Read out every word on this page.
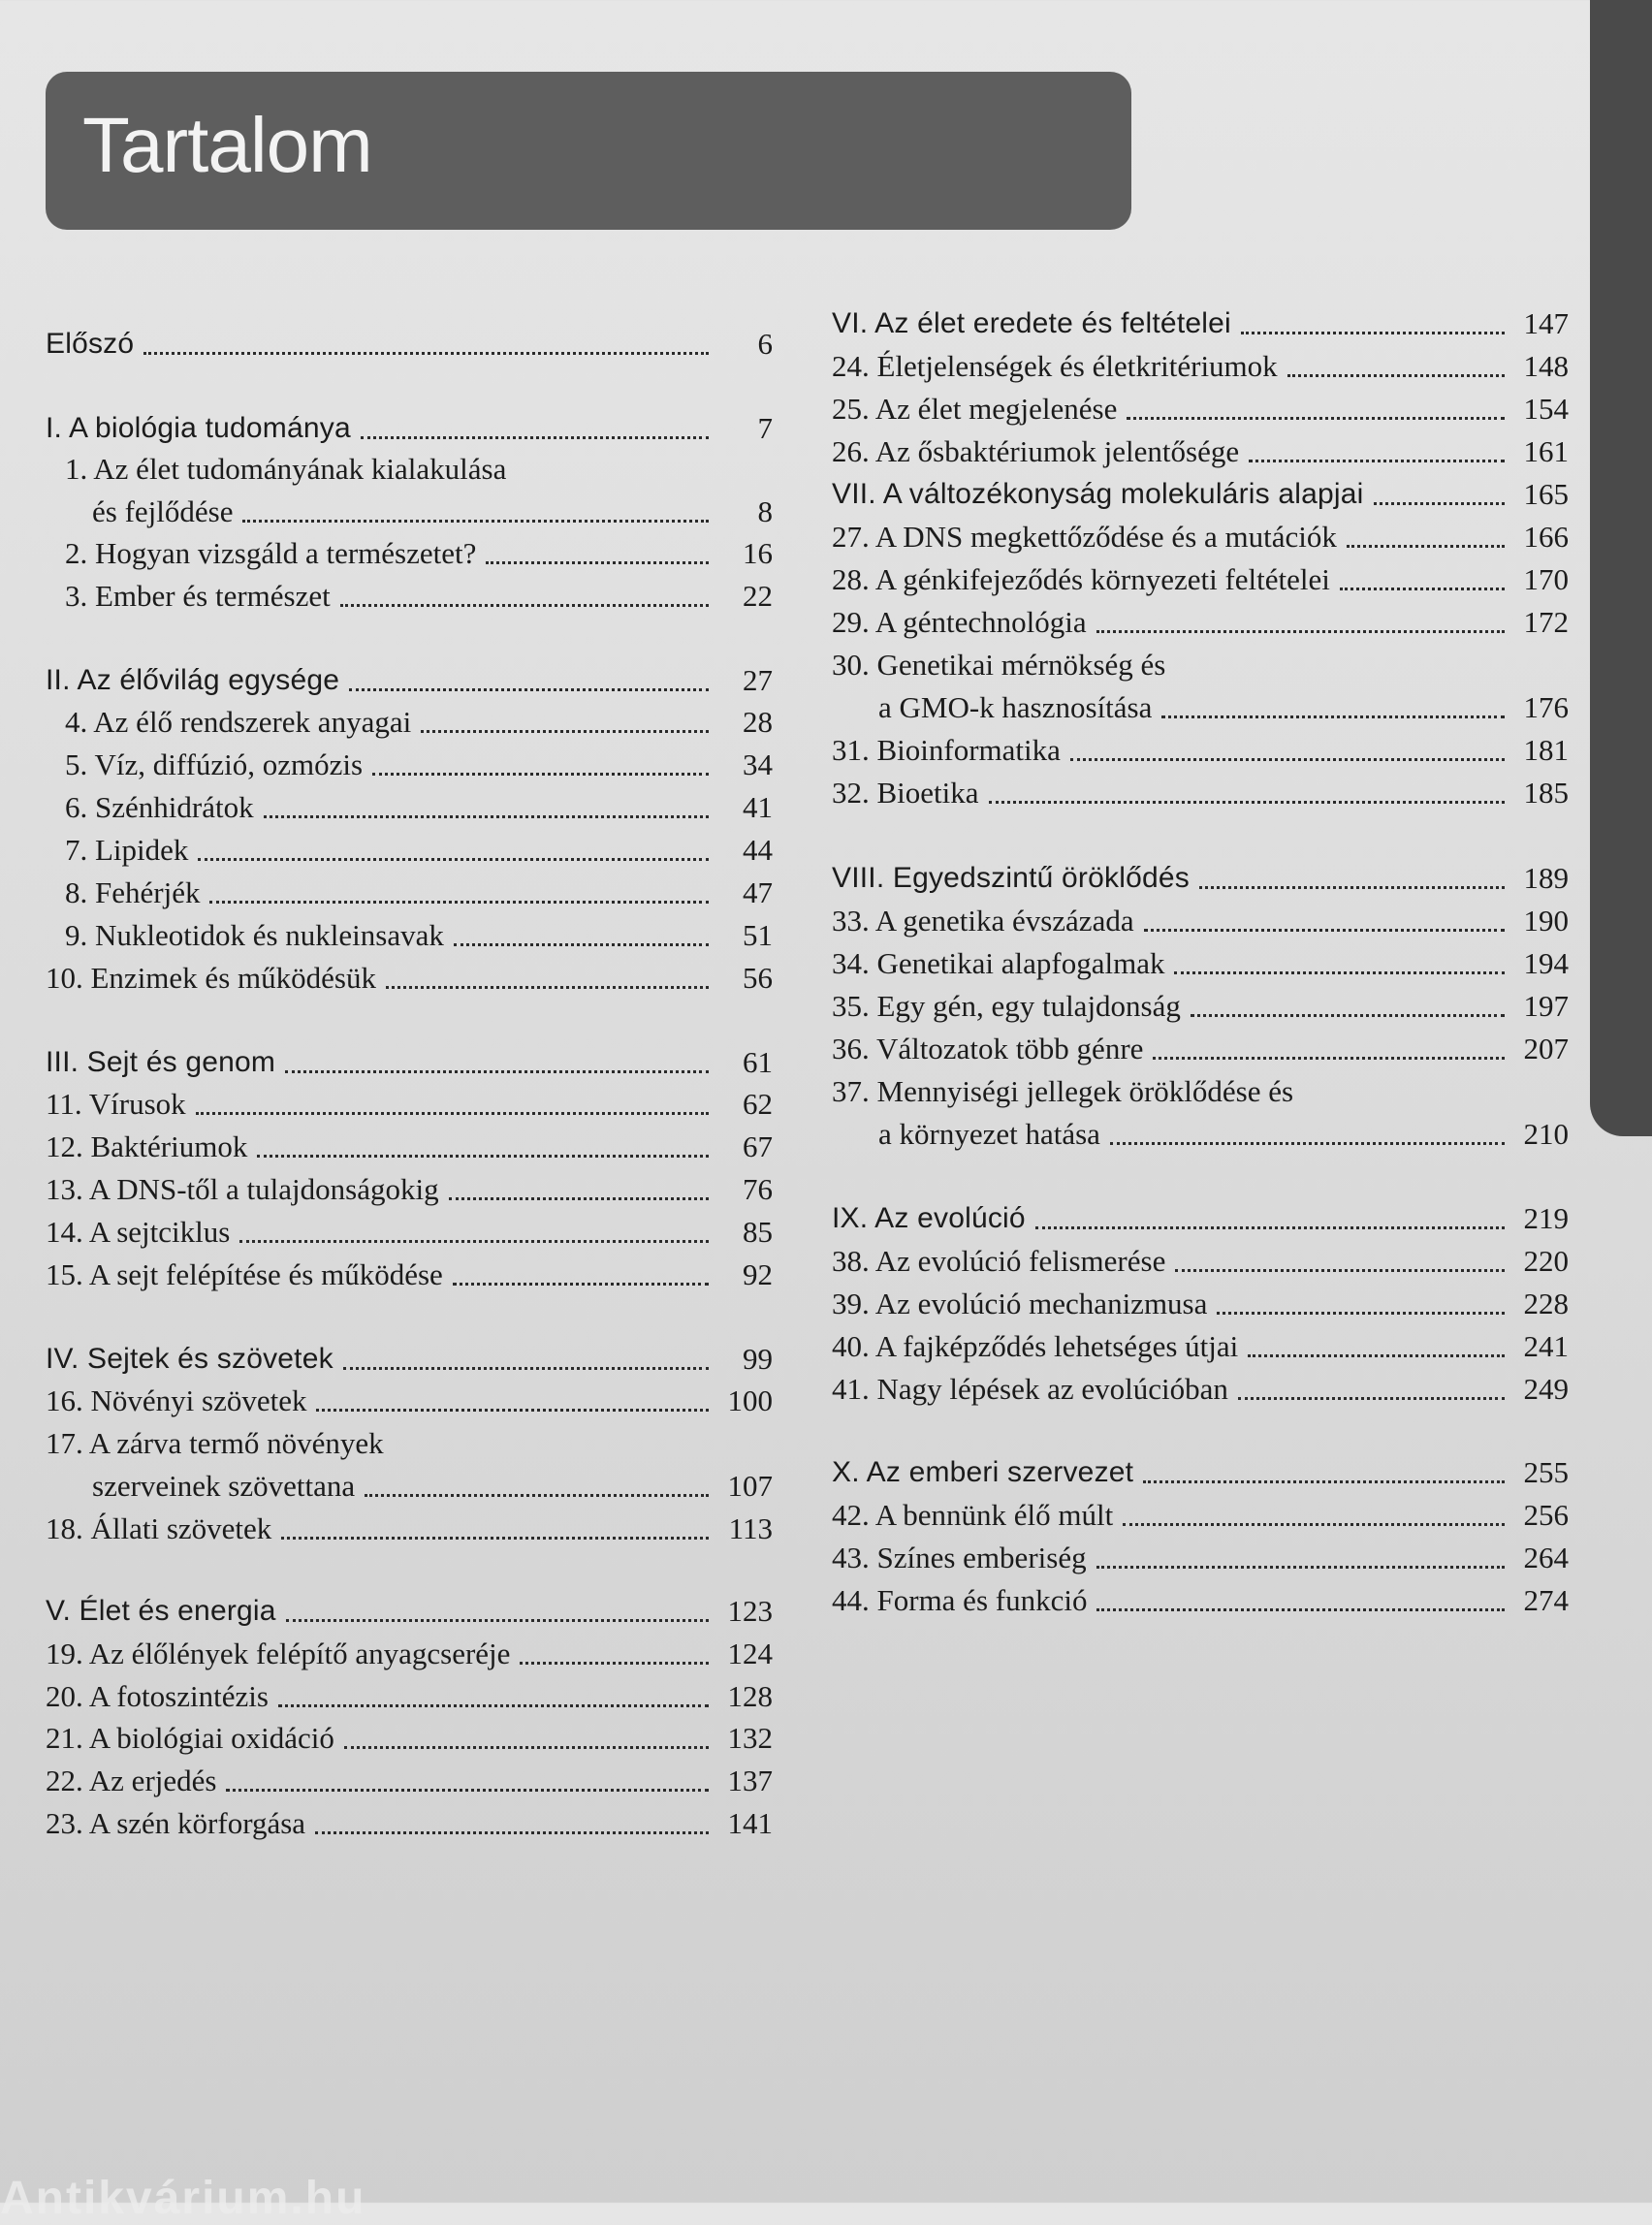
Tartalom
Előszó	6
I. A biológia tudománya	7
1. Az élet tudományának kialakulása
és fejlődése	8
2. Hogyan vizsgáld a természetet?	16
3. Ember és természet	22
II. Az élővilág egysége	27
4. Az élő rendszerek anyagai	28
5. Víz, diffúzió, ozmózis	34
6. Szénhidrátok	41
7. Lipidek	44
8. Fehérjék	47
9. Nukleotidok és nukleinsavak	51
10. Enzimek és működésük	56
III. Sejt és genom	61
11. Vírusok	62
12. Baktériumok	67
13. A DNS-től a tulajdonságokig	76
14. A sejtciklus	85
15. A sejt felépítése és működése	92
IV. Sejtek és szövetek	99
16. Növényi szövetek	100
17. A zárva termő növények
szerveinek szövettana	107
18. Állati szövetek	113
V. Élet és energia	123
19. Az élőlények felépítő anyagcseréje	124
20. A fotoszintézis	128
21. A biológiai oxidáció	132
22. Az erjedés	137
23. A szén körforgása	141
VI. Az élet eredete és feltételei	147
24. Életjelenségek és életkritériumok	148
25. Az élet megjelenése	154
26. Az ősbaktériumok jelentősége	161
VII. A változékonyság molekuláris alapjai	165
27. A DNS megkettőződése és a mutációk	166
28. A génkifejeződés környezeti feltételei	170
29. A géntechnológia	172
30. Genetikai mérnökség és
a GMO-k hasznosítása	176
31. Bioinformatika	181
32. Bioetika	185
VIII. Egyedszintű öröklődés	189
33. A genetika évszázada	190
34. Genetikai alapfogalmak	194
35. Egy gén, egy tulajdonság	197
36. Változatok több génre	207
37. Mennyiségi jellegek öröklődése és
a környezet hatása	210
IX. Az evolúció	219
38. Az evolúció felismerése	220
39. Az evolúció mechanizmusa	228
40. A fajképződés lehetséges útjai	241
41. Nagy lépések az evolúcióban	249
X. Az emberi szervezet	255
42. A bennünk élő múlt	256
43. Színes emberiség	264
44. Forma és funkció	274
Antikvárium.hu
